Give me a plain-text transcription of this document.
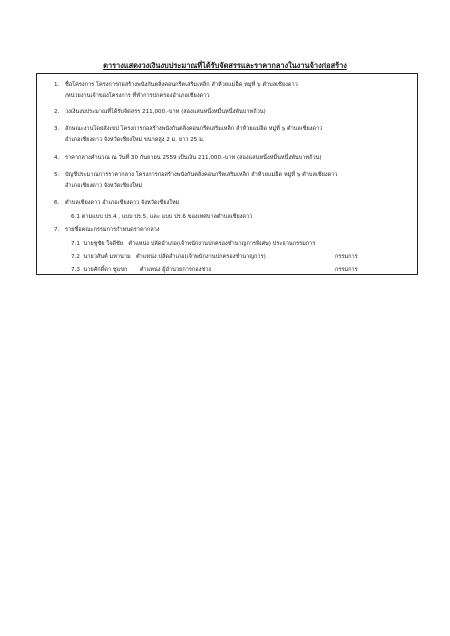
ตารางแสดงวงเงินงบประมาณที่ได้รับจัดสรรและราคากลางในงานจ้างก่อสร้าง
1.	ชื่อโครงการ โครงการก่อสร้างพนังกันตลิ่งคอนกรีตเสริมเหล็ก ลำห้วยแม่ฮ็ด หมู่ที่ ๖ ตำบลเชียงดาว
/หน่วยงานเจ้าของโครงการ ที่ทำการปกครองอำเภอเชียงดาว
2.	วงเงินงบประมาณที่ได้รับจัดสรร 211,000.-บาท (สองแสนหนึ่งหมื่นหนึ่งพันบาทถ้วน)
3.	ลักษณะงานโดยสังเขป โครงการก่อสร้างพนังกันตลิ่งคอนกรีตเสริมเหล็ก ลำห้วยแม่ฮ็ด หมู่ที่ ๖ ตำบลเชียงดาว
อำเภอเชียงดาว จังหวัดเชียงใหม่ ขนาดสูง 2 ม. ยาว 25 ม.
4.	ราคากลางคำนวณ ณ วันที่ 30 กันยายน 2559 เป็นเงิน 211,000.-บาท (สองแสนหนึ่งหมื่นหนึ่งพันบาทถ้วน)
5.	บัญชีประมาณการราคากลาง โครงการก่อสร้างพนังกันตลิ่งคอนกรีตเสริมเหล็ก ลำห้วยแม่ฮ็ด หมู่ที่ ๖ ตำบลเชียงดาว
อำเภอเชียงดาว จังหวัดเชียงใหม่
6.	ตำบลเชียงดาว อำเภอเชียงดาว จังหวัดเชียงใหม่
6.1 ตามแบบ ปร.4 , แบบ ปร.5, และ แบบ ปร.6 ของเทศบาลตำบลเชียงดาว
7.	รายชื่อคณะกรรมการกำหนดราคากลาง
7.1 นายชูชัย ใจดีชัย ตำแหน่ง ปลัดอำเภอ(เจ้าพนักงานปกครองชำนาญการพิเศษ) ประธานกรรมการ
7.2 นายวสันต์ มหานาม ตำแหน่ง ปลัดอำเภอ(เจ้าพนักงานปกครองชำนาญการ)	กรรมการ
7.3 นายศักดิ์ดา ชูแขก ตำแหน่ง ผู้อำนวยการกองช่าง	กรรมการ
